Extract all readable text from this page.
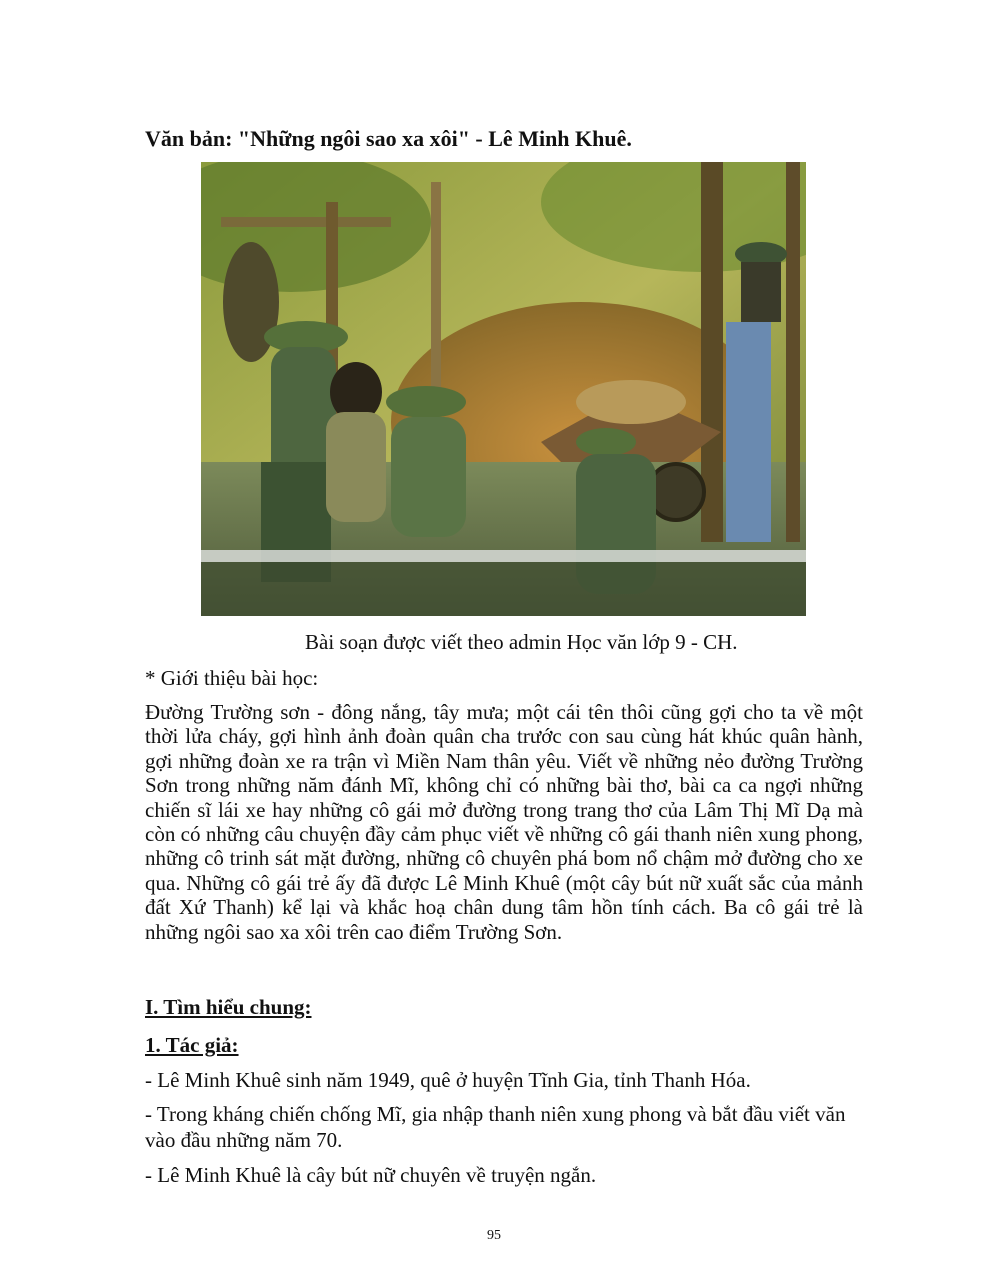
Văn bản: "Những ngôi sao xa xôi" - Lê Minh Khuê.
Bài soạn được viết theo admin Học văn lớp 9 - CH.
* Giới thiệu bài học:

Đường Trường sơn - đông nắng, tây mưa; một cái tên thôi cũng gợi cho ta về một thời lửa cháy, gợi hình ảnh đoàn quân cha trước con sau cùng hát khúc quân hành, gợi những đoàn xe ra trận vì Miền Nam thân yêu. Viết về những nẻo đường Trường Sơn trong những năm đánh Mĩ, không chỉ có những bài thơ, bài ca ca ngợi những chiến sĩ lái xe hay những cô gái mở đường trong trang thơ của Lâm Thị Mĩ Dạ mà còn có những câu chuyện đầy cảm phục viết về những cô gái thanh niên xung phong, những cô trinh sát mặt đường, những cô chuyên phá bom nổ chậm mở đường cho xe qua. Những cô gái trẻ ấy đã được Lê Minh Khuê (một cây bút nữ xuất sắc của mảnh đất Xứ Thanh) kể lại và khắc hoạ chân dung tâm hồn tính cách. Ba cô gái trẻ là những ngôi sao xa xôi trên cao điểm Trường Sơn.

I. Tìm hiểu chung:
1. Tác giả:

- Lê Minh Khuê sinh năm 1949, quê ở huyện Tĩnh Gia, tỉnh Thanh Hóa.

- Trong kháng chiến chống Mĩ, gia nhập thanh niên xung phong và bắt đầu viết văn vào đầu những năm 70.

- Lê Minh Khuê là cây bút nữ chuyên về truyện ngắn.

95
